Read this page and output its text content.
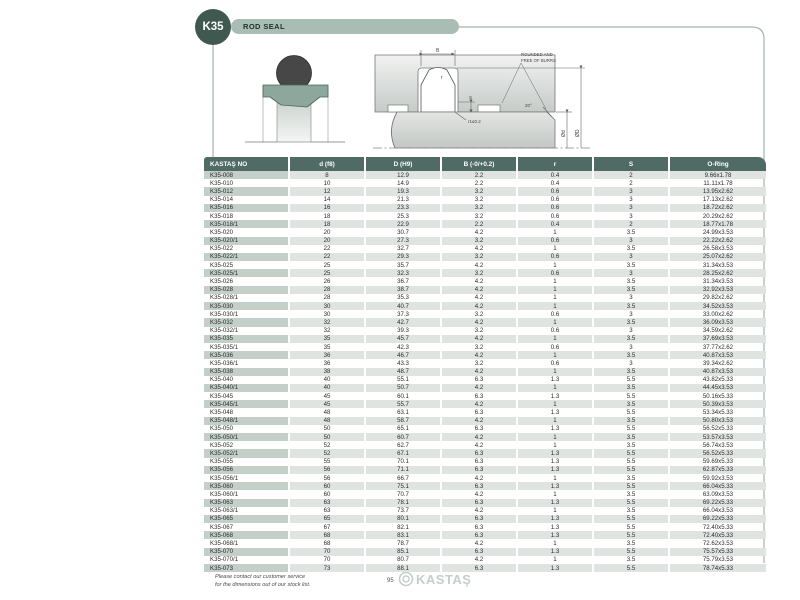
K35	ROD SEAL
r
B
S
r1≤0.2
20°
Ød ØD
ROUNDED AND
FREE OF BURRS
KASTAŞ NO	d (f8)	D (H9)	B (-0/+0.2)	r	S	O-Ring
K35-008	8	12.9	2.2	0.4	2	9.66x1.78
K35-010	10	14.9	2.2	0.4	2	11.11x1.78
K35-012	12	19.3	3.2	0.6	3	13.95x2.62
K35-014	14	21.3	3.2	0.6	3	17.13x2.62
K35-016	16	23.3	3.2	0.6	3	18.72x2.62
K35-018	18	25.3	3.2	0.6	3	20.29x2.62
K35-018/1	18	22.9	2.2	0.4	2	18.77x1.78
K35-020	20	30.7	4.2	1	3.5	24.99x3.53
K35-020/1	20	27.3	3.2	0.6	3	22.22x2.62
K35-022	22	32.7	4.2	1	3.5	26.58x3.53
K35-022/1	22	29.3	3.2	0.6	3	25.07x2.62
K35-025	25	35.7	4.2	1	3.5	31.34x3.53
K35-025/1	25	32.3	3.2	0.6	3	28.25x2.62
K35-026	26	36.7	4.2	1	3.5	31.34x3.53
K35-028	28	38.7	4.2	1	3.5	32.92x3.53
K35-028/1	28	35.3	4.2	1	3	29.82x2.62
K35-030	30	40.7	4.2	1	3.5	34.52x3.53
K35-030/1	30	37.3	3.2	0.6	3	33.00x2.62
K35-032	32	42.7	4.2	1	3.5	36.09x3.53
K35-032/1	32	39.3	3.2	0.6	3	34.59x2.62
K35-035	35	45.7	4.2	1	3.5	37.69x3.53
K35-035/1	35	42.3	3.2	0.6	3	37.77x2.62
K35-036	36	46.7	4.2	1	3.5	40.87x3.53
K35-036/1	36	43.3	3.2	0.6	3	39.34x2.62
K35-038	38	48.7	4.2	1	3.5	40.87x3.53
K35-040	40	55.1	6.3	1.3	5.5	43.82x5.33
K35-040/1	40	50.7	4.2	1	3.5	44.45x3.53
K35-045	45	60.1	6.3	1.3	5.5	50.16x5.33
K35-045/1	45	55.7	4.2	1	3.5	50.39x3.53
K35-048	48	63.1	6.3	1.3	5.5	53.34x5.33
K35-048/1	48	58.7	4.2	1	3.5	50.80x3.53
K35-050	50	65.1	6.3	1.3	5.5	56.52x5.33
K35-050/1	50	60.7	4.2	1	3.5	53.57x3.53
K35-052	52	62.7	4.2	1	3.5	56.74x3.53
K35-052/1	52	67.1	6.3	1.3	5.5	56.52x5.33
K35-055	55	70.1	6.3	1.3	5.5	59.69x5.33
K35-056	56	71.1	6.3	1.3	5.5	62.87x5.33
K35-056/1	56	66.7	4.2	1	3.5	59.92x3.53
K35-060	60	75.1	6.3	1.3	5.5	66.04x5.33
K35-060/1	60	70.7	4.2	1	3.5	63.09x3.53
K35-063	63	78.1	6.3	1.3	5.5	69.22x5.33
K35-063/1	63	73.7	4.2	1	3.5	66.04x3.53
K35-065	65	80.1	6.3	1.3	5.5	69.22x5.33
K35-067	67	82.1	6.3	1.3	5.5	72.40x5.33
K35-068	68	83.1	6.3	1.3	5.5	72.40x5.33
K35-068/1	68	78.7	4.2	1	3.5	72.62x3.53
K35-070	70	85.1	6.3	1.3	5.5	75.57x5.33
K35-070/1	70	80.7	4.2	1	3.5	75.79x3.53
K35-073	73	88.1	6.3	1.3	5.5	78.74x5.33
Please contact our customer service
for the dimensions out of our stock list.
95 KASTAŞ
